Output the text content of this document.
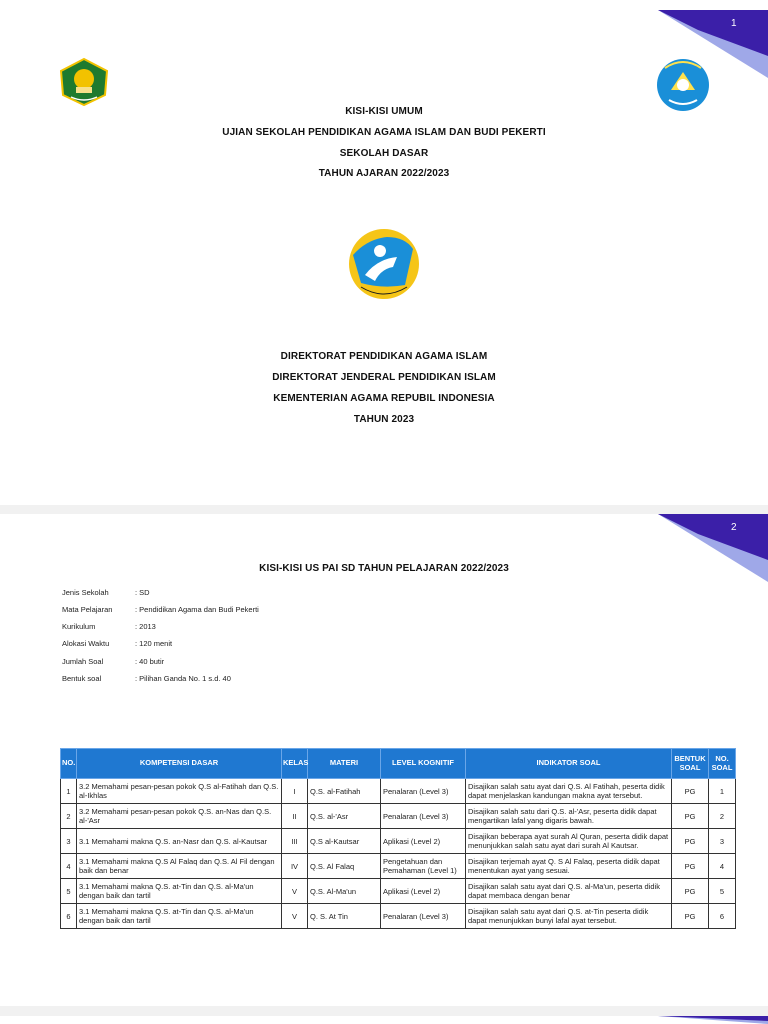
1
KISI-KISI UMUM
UJIAN SEKOLAH PENDIDIKAN AGAMA ISLAM DAN BUDI PEKERTI
SEKOLAH DASAR
TAHUN AJARAN 2022/2023
DIREKTORAT PENDIDIKAN AGAMA ISLAM
DIREKTORAT JENDERAL PENDIDIKAN ISLAM
KEMENTERIAN AGAMA REPUBIL INDONESIA
TAHUN 2023
2
KISI-KISI US PAI SD TAHUN PELAJARAN 2022/2023
Jenis Sekolah	: SD
Mata Pelajaran	: Pendidikan Agama dan Budi Pekerti
Kurikulum	: 2013
Alokasi Waktu	: 120 menit
Jumlah Soal	: 40 butir
Bentuk soal	: Pilihan Ganda No. 1 s.d. 40
NO.	KOMPETENSI DASAR	KELAS	MATERI	LEVEL KOGNITIF	INDIKATOR SOAL	BENTUK SOAL	NO. SOAL
1	3.2 Memahami pesan-pesan pokok Q.S al-Fatihah dan Q.S. al-Ikhlas	I	Q.S. al-Fatihah	Penalaran (Level 3)	Disajikan salah satu ayat dari Q.S. Al Fatihah, peserta didik dapat menjelaskan kandungan makna ayat tersebut.	PG	1
2	3.2 Memahami pesan-pesan pokok Q.S. an-Nas dan Q.S. al-'Asr	II	Q.S. al-'Asr	Penalaran (Level 3)	Disajikan salah satu dari Q.S. al-'Asr, peserta didik dapat mengartikan lafal yang digaris bawah.	PG	2
3	3.1 Memahami makna Q.S. an-Nasr dan Q.S. al-Kautsar	III	Q.S al-Kautsar	Aplikasi (Level 2)	Disajikan beberapa ayat surah Al Quran, peserta didik dapat menunjukkan salah satu ayat dari surah Al Kautsar.	PG	3
4	3.1 Memahami makna Q.S Al Falaq dan Q.S. Al Fil dengan baik dan benar	IV	Q.S. Al Falaq	Pengetahuan dan Pemahaman (Level 1)	Disajikan terjemah ayat Q. S Al Falaq, peserta didik dapat menentukan ayat yang sesuai.	PG	4
5	3.1 Memahami makna Q.S. at-Tin dan Q.S. al-Ma'un dengan baik dan tartil	V	Q.S. Al-Ma'un	Aplikasi (Level 2)	Disajikan salah satu ayat dari Q.S. al-Ma'un, peserta didik dapat membaca dengan benar	PG	5
6	3.1 Memahami makna Q.S. at-Tin dan Q.S. al-Ma'un dengan baik dan tartil	V	Q. S. At Tin	Penalaran (Level 3)	Disajikan salah satu ayat dari Q.S. at-Tin peserta didik dapat menunjukkan bunyi lafal ayat tersebut.	PG	6
